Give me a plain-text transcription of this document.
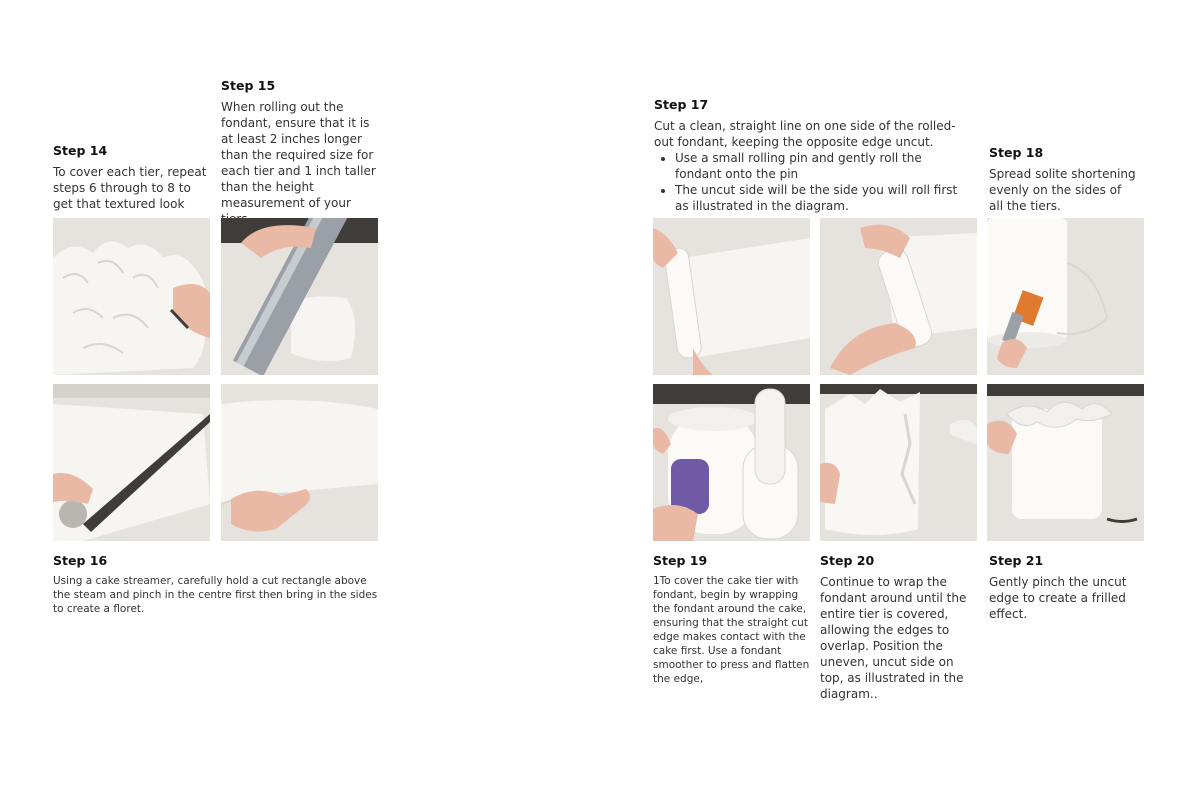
Step 14

To cover each tier, repeat steps 6 through to 8 to get that textured look

Step 15

When rolling out the fondant, ensure that it is at least 2 inches longer than the required size for each tier and 1 inch taller than the height measurement of your

Step 16

Using a cake streamer, carefully hold a cut rectangle above the steam and pinch in the centre first then bring in the sides to create a floret.

Step 17

Cut a clean, straight line on one side of the rolled-out fondant, keeping the opposite edge uncut.

• Use a small rolling pin and gently roll the fondant onto the pin
• The uncut side will be the side you will roll first as illustrated in the diagram.
Step 18

Spread solite shortening evenly on the sides of all the tiers.

Step 19

1To cover the cake tier with fondant, begin by wrapping the fondant around the cake, ensuring that the straight cut edge makes contact with the cake first. Use a fondant smoother to press and flatten the edge,

Step 20

Continue to wrap the fondant around until the entire tier is covered, allowing the edges to overlap. Position the uneven, uncut side on top, as illustrated in the diagram..

Step 21

Gently pinch the uncut edge to create a frilled effect.
